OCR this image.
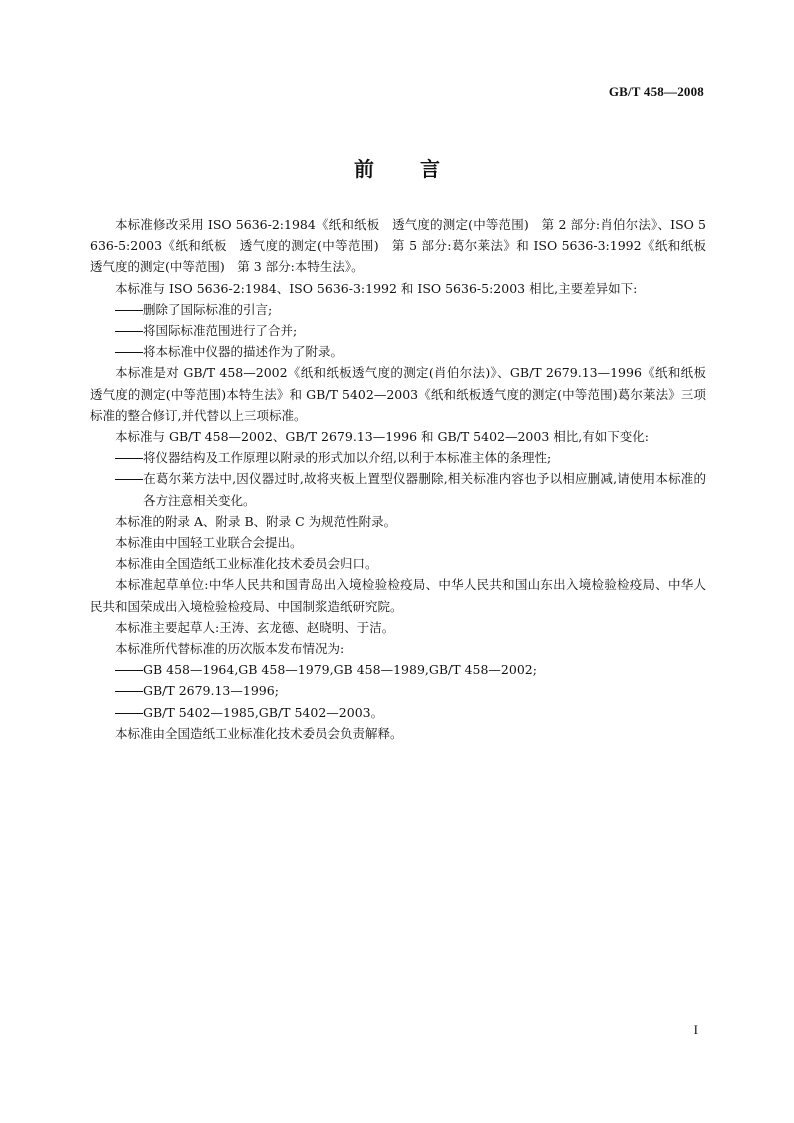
GB/T 458—2008
前言

本标准修改采用 ISO 5636-2:1984《纸和纸板　透气度的测定(中等范围)　第 2 部分:肖伯尔法》、ISO 5636-5:2003《纸和纸板　透气度的测定(中等范围)　第 5 部分:葛尔莱法》和 ISO 5636-3:1992《纸和纸板　透气度的测定(中等范围)　第 3 部分:本特生法》。

本标准与 ISO 5636-2:1984、ISO 5636-3:1992 和 ISO 5636-5:2003 相比,主要差异如下:

删除了国际标准的引言;

将国际标准范围进行了合并;

将本标准中仪器的描述作为了附录。

本标准是对 GB/T 458—2002《纸和纸板透气度的测定(肖伯尔法)》、GB/T 2679.13—1996《纸和纸板透气度的测定(中等范围)本特生法》和 GB/T 5402—2003《纸和纸板透气度的测定(中等范围)葛尔莱法》三项标准的整合修订,并代替以上三项标准。

本标准与 GB/T 458—2002、GB/T 2679.13—1996 和 GB/T 5402—2003 相比,有如下变化:

将仪器结构及工作原理以附录的形式加以介绍,以利于本标准主体的条理性;

在葛尔莱方法中,因仪器过时,故将夹板上置型仪器删除,相关标准内容也予以相应删减,请使用本标准的各方注意相关变化。

本标准的附录 A、附录 B、附录 C 为规范性附录。

本标准由中国轻工业联合会提出。

本标准由全国造纸工业标准化技术委员会归口。

本标准起草单位:中华人民共和国青岛出入境检验检疫局、中华人民共和国山东出入境检验检疫局、中华人民共和国荣成出入境检验检疫局、中国制浆造纸研究院。

本标准主要起草人:王涛、玄龙德、赵晓明、于洁。

本标准所代替标准的历次版本发布情况为:

GB 458—1964,GB 458—1979,GB 458—1989,GB/T 458—2002;

GB/T 2679.13—1996;

GB/T 5402—1985,GB/T 5402—2003。

本标准由全国造纸工业标准化技术委员会负责解释。

I
